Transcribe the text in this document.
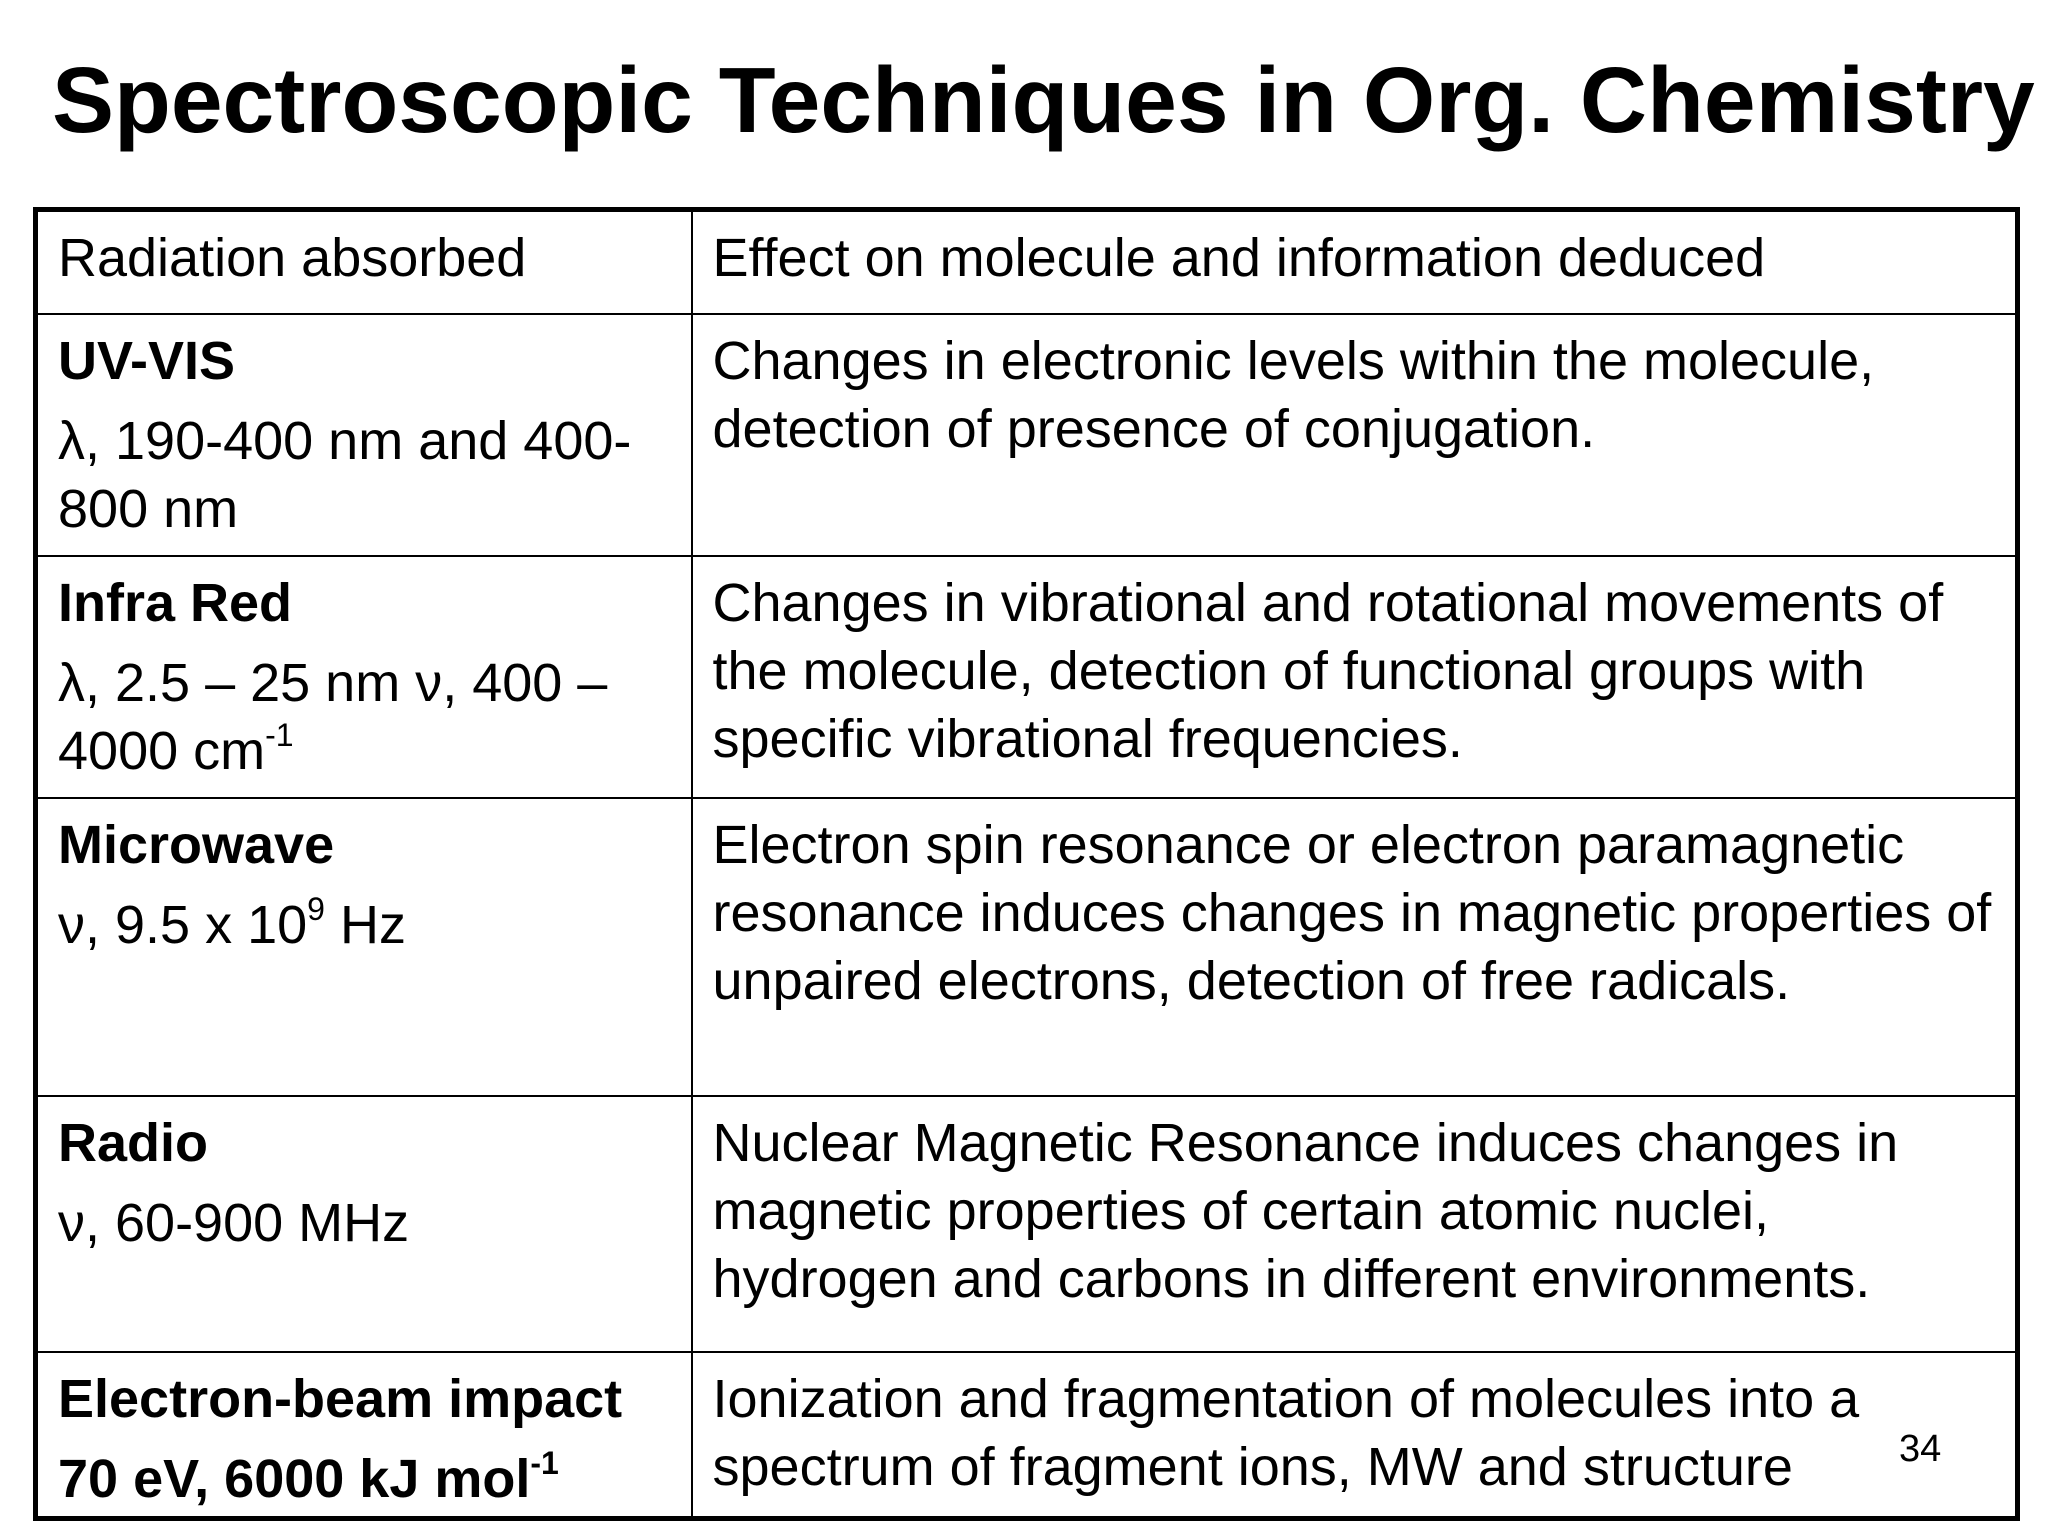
Spectroscopic Techniques in Org. Chemistry
Radiation absorbed	Effect on molecule and information deduced

UV-VIS
λ, 190-400 nm and 400-800 nm	Changes in electronic levels within the molecule, detection of presence of conjugation.

Infra Red
λ, 2.5 – 25 nm ν, 400 – 4000 $cm^{-1}$	Changes in vibrational and rotational movements of the molecule, detection of functional groups with specific vibrational frequencies.

Microwave
ν, 9.5 x $10^9$ Hz	Electron spin resonance or electron paramagnetic resonance induces changes in magnetic properties of unpaired electrons, detection of free radicals.

Radio
ν, 60-900 MHz	Nuclear Magnetic Resonance induces changes in magnetic properties of certain atomic nuclei, hydrogen and carbons in different environments.

Electron-beam impact
70 eV, 6000 kJ mol$^{-1}$	Ionization and fragmentation of molecules into a spectrum of fragment ions, MW and structure	34
